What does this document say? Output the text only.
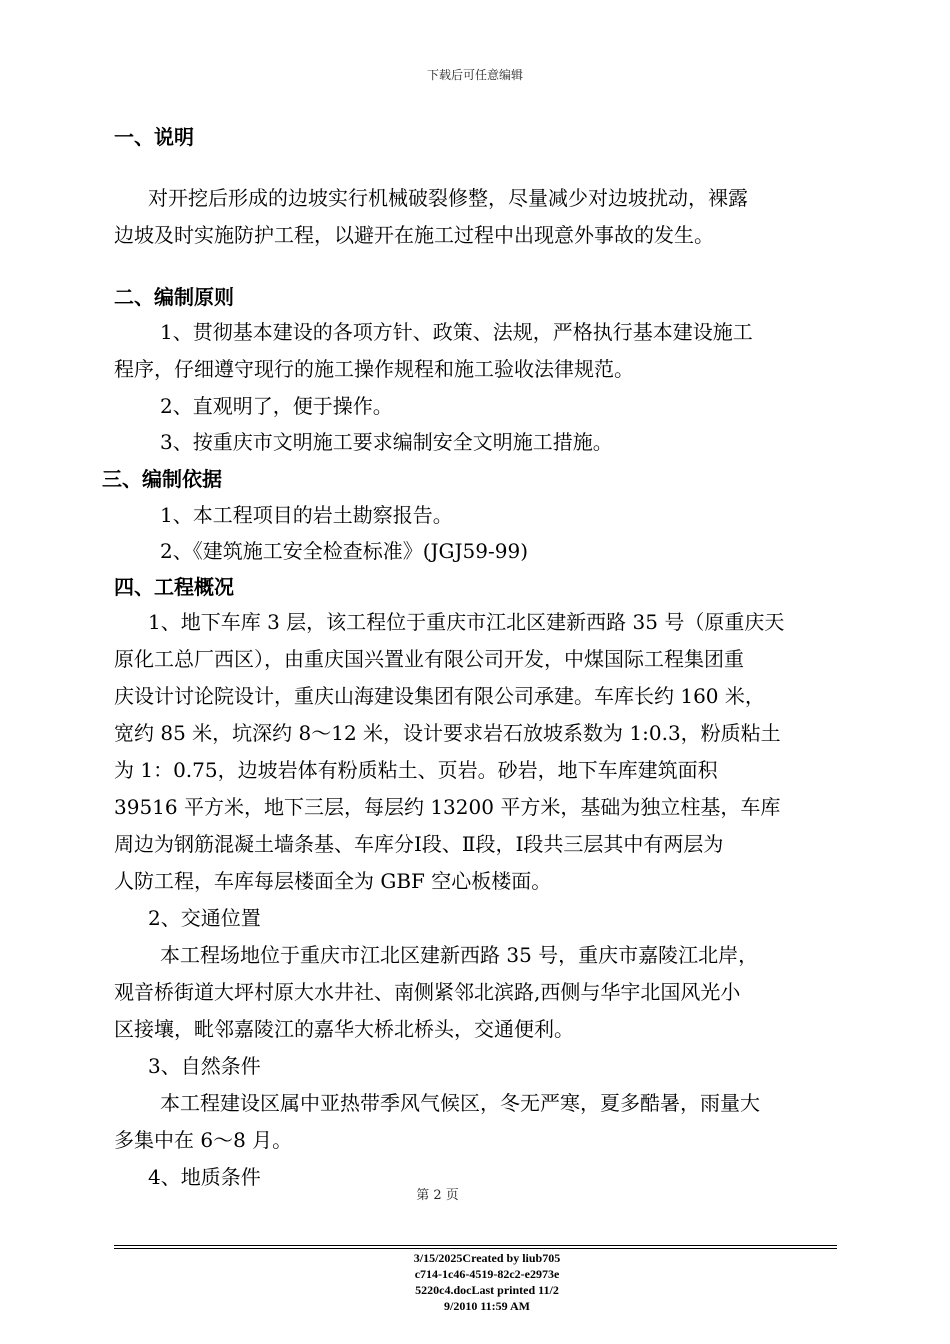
下载后可任意编辑
一、说明
对开挖后形成的边坡实行机械破裂修整，尽量减少对边坡扰动，裸露
边坡及时实施防护工程，以避开在施工过程中出现意外事故的发生。
二、编制原则
1、贯彻基本建设的各项方针、政策、法规，严格执行基本建设施工
程序，仔细遵守现行的施工操作规程和施工验收法律规范。
2、直观明了，便于操作。
3、按重庆市文明施工要求编制安全文明施工措施。
三、编制依据
1、本工程项目的岩土勘察报告。
2、《建筑施工安全检查标准》(JGJ59-99)
四、工程概况
1、地下车库 3 层，该工程位于重庆市江北区建新西路 35 号（原重庆天
原化工总厂西区），由重庆国兴置业有限公司开发，中煤国际工程集团重
庆设计讨论院设计，重庆山海建设集团有限公司承建。车库长约 160 米，
宽约 85 米，坑深约 8～12 米，设计要求岩石放坡系数为 1:0.3，粉质粘土
为 1：0.75，边坡岩体有粉质粘土、页岩。砂岩，地下车库建筑面积
39516 平方米，地下三层，每层约 13200 平方米，基础为独立柱基，车库
周边为钢筋混凝土墙条基、车库分Ⅰ段、Ⅱ段，Ⅰ段共三层其中有两层为
人防工程，车库每层楼面全为 GBF 空心板楼面。
2、交通位置
本工程场地位于重庆市江北区建新西路 35 号，重庆市嘉陵江北岸，
观音桥街道大坪村原大水井社、南侧紧邻北滨路,西侧与华宇北国风光小
区接壤，毗邻嘉陵江的嘉华大桥北桥头，交通便利。
3、自然条件
本工程建设区属中亚热带季风气候区，冬无严寒，夏多酷暑，雨量大
多集中在 6～8 月。
4、地质条件
第 2 页
3/15/2025Created by liub705c714-1c46-4519-82c2-e2973e5220c4.docLast printed 11/29/2010 11:59 AM
